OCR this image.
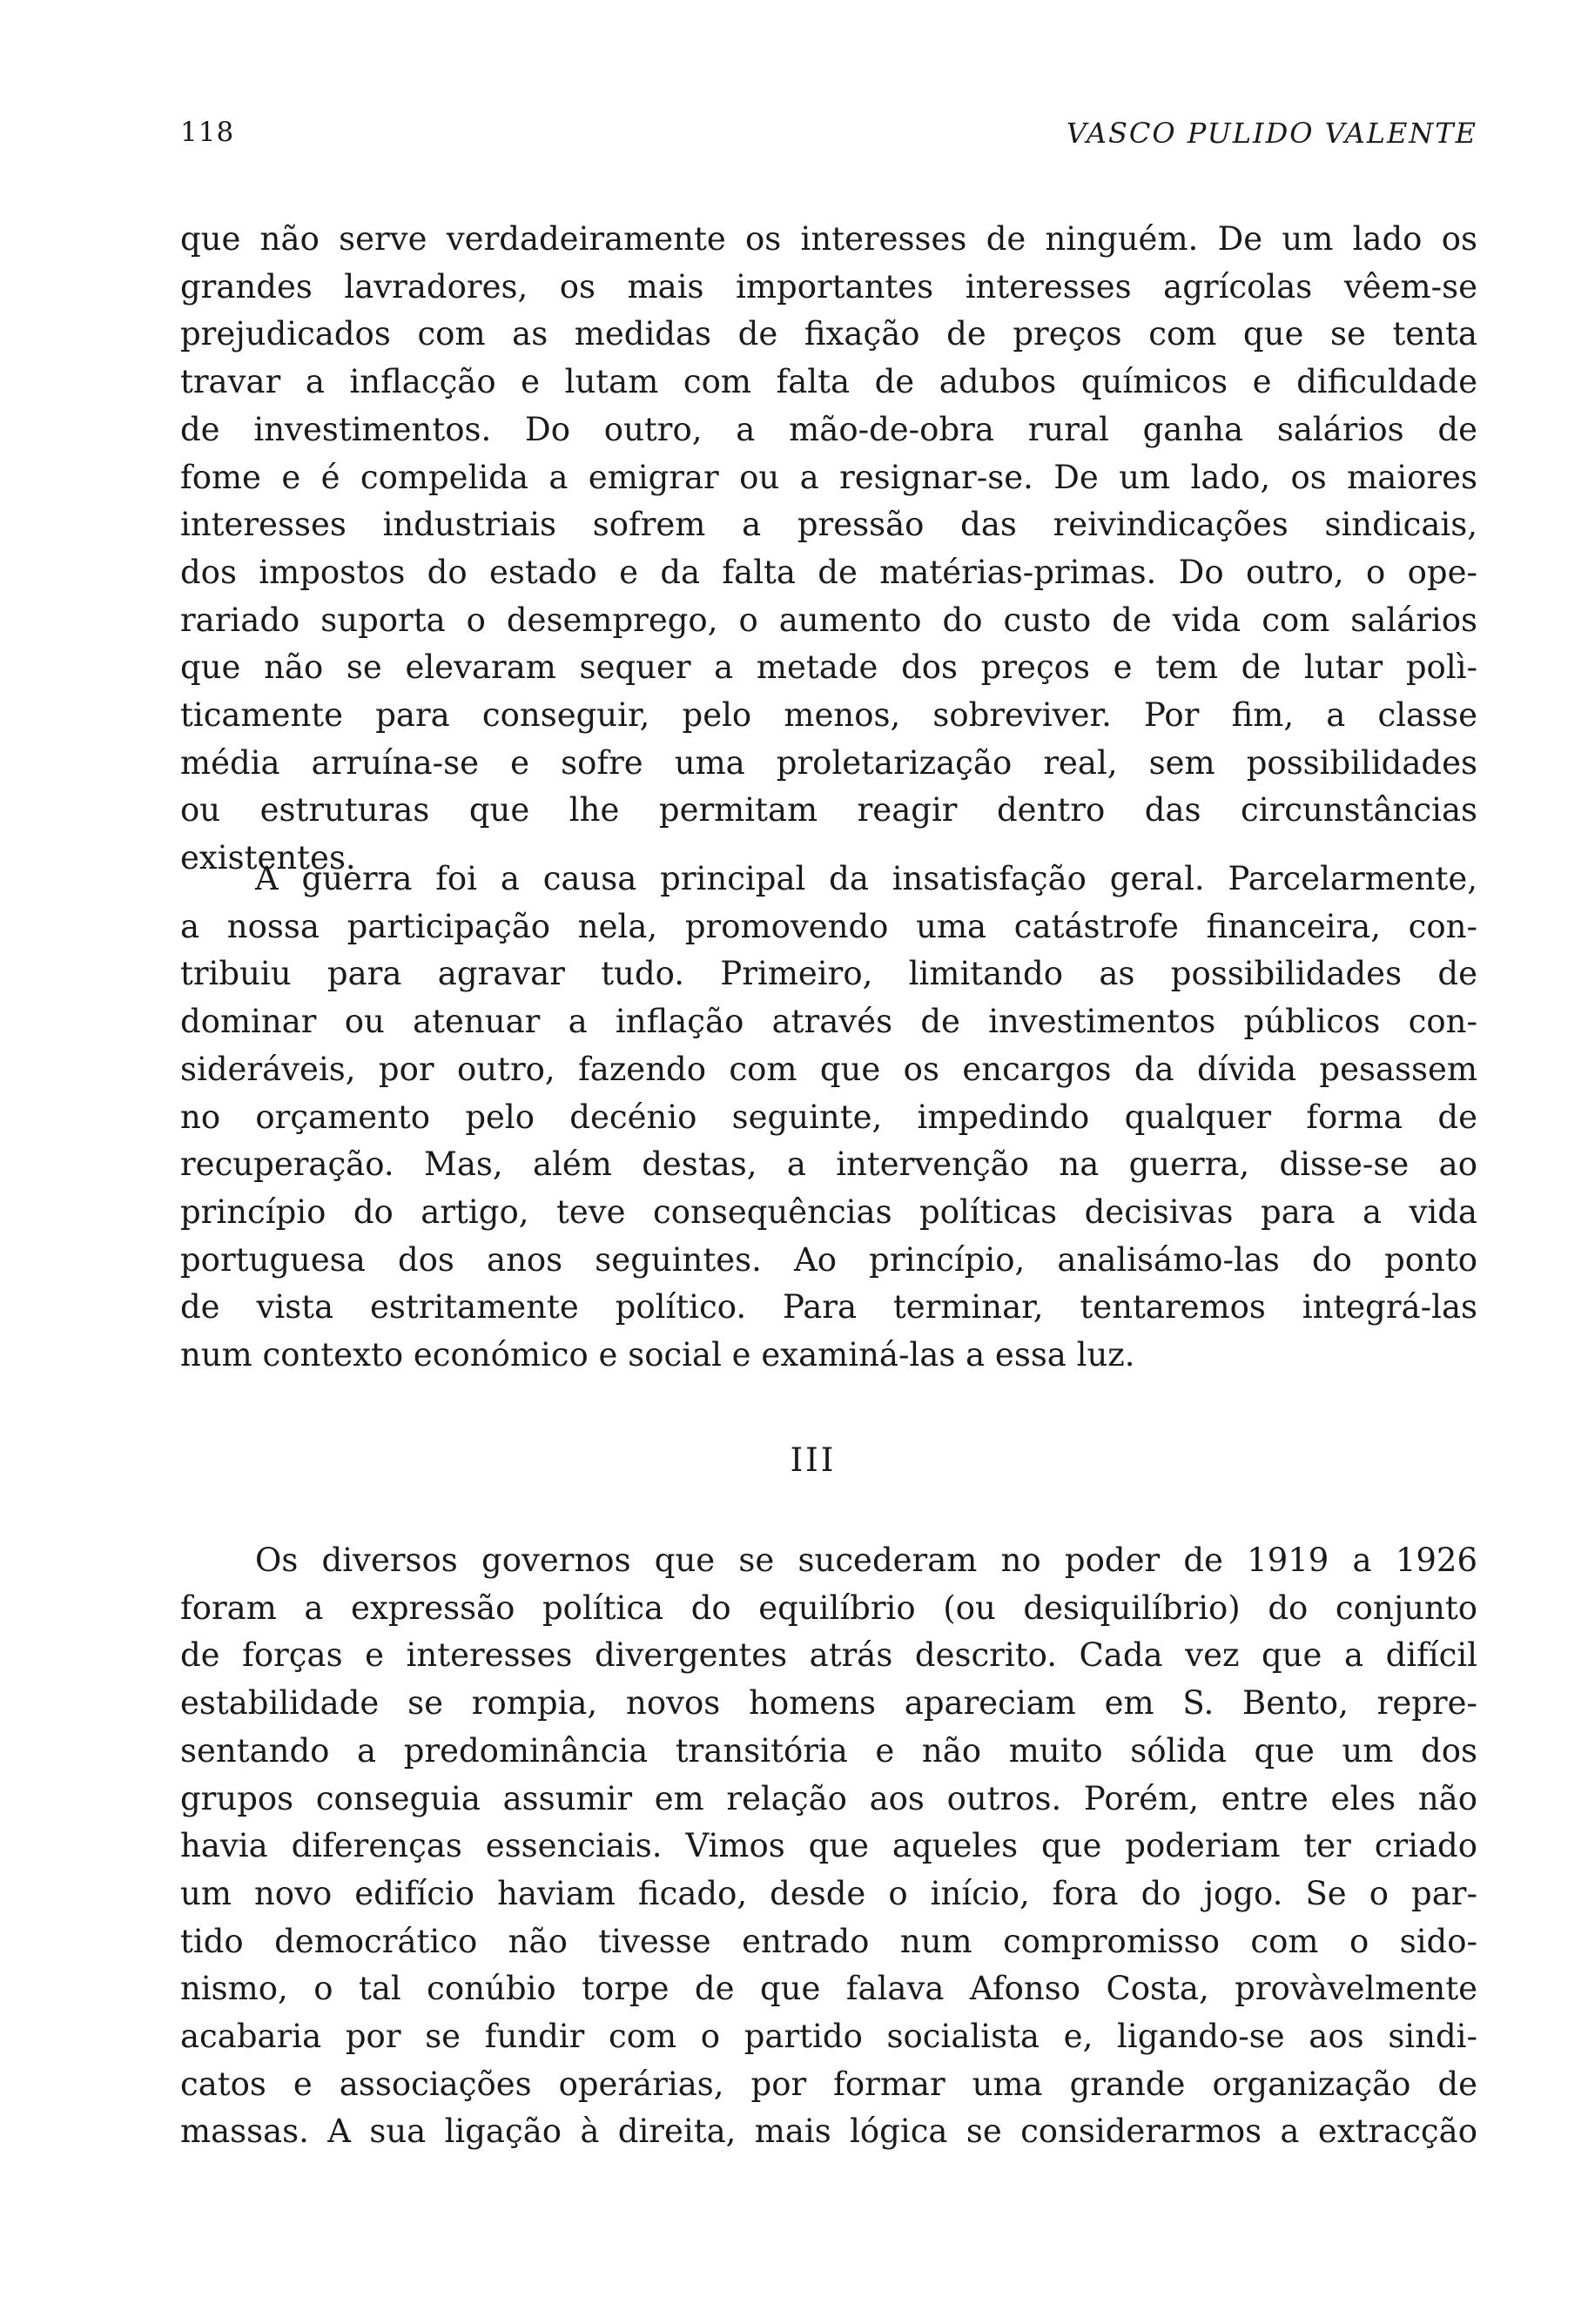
118	VASCO PULIDO VALENTE
que não serve verdadeiramente os interesses de ninguém. De um lado os
grandes lavradores, os mais importantes interesses agrícolas vêem-se
prejudicados com as medidas de fixação de preços com que se tenta
travar a inflacção e lutam com falta de adubos químicos e dificuldade
de investimentos. Do outro, a mão-de-obra rural ganha salários de
fome e é compelida a emigrar ou a resignar-se. De um lado, os maiores
interesses industriais sofrem a pressão das reivindicações sindicais,
dos impostos do estado e da falta de matérias-primas. Do outro, o ope-
rariado suporta o desemprego, o aumento do custo de vida com salários
que não se elevaram sequer a metade dos preços e tem de lutar polì-
ticamente para conseguir, pelo menos, sobreviver. Por fim, a classe
média arruína-se e sofre uma proletarização real, sem possibilidades
ou estruturas que lhe permitam reagir dentro das circunstâncias
existentes.
A guerra foi a causa principal da insatisfação geral. Parcelarmente,
a nossa participação nela, promovendo uma catástrofe financeira, con-
tribuiu para agravar tudo. Primeiro, limitando as possibilidades de
dominar ou atenuar a inflação através de investimentos públicos con-
sideráveis, por outro, fazendo com que os encargos da dívida pesassem
no orçamento pelo decénio seguinte, impedindo qualquer forma de
recuperação. Mas, além destas, a intervenção na guerra, disse-se ao
princípio do artigo, teve consequências políticas decisivas para a vida
portuguesa dos anos seguintes. Ao princípio, analisámo-las do ponto
de vista estritamente político. Para terminar, tentaremos integrá-las
num contexto económico e social e examiná-las a essa luz.
III
Os diversos governos que se sucederam no poder de 1919 a 1926
foram a expressão política do equilíbrio (ou desiquilíbrio) do conjunto
de forças e interesses divergentes atrás descrito. Cada vez que a difícil
estabilidade se rompia, novos homens apareciam em S. Bento, repre-
sentando a predominância transitória e não muito sólida que um dos
grupos conseguia assumir em relação aos outros. Porém, entre eles não
havia diferenças essenciais. Vimos que aqueles que poderiam ter criado
um novo edifício haviam ficado, desde o início, fora do jogo. Se o par-
tido democrático não tivesse entrado num compromisso com o sido-
nismo, o tal conúbio torpe de que falava Afonso Costa, provàvelmente
acabaria por se fundir com o partido socialista e, ligando-se aos sindi-
catos e associações operárias, por formar uma grande organização de
massas. A sua ligação à direita, mais lógica se considerarmos a extracção
